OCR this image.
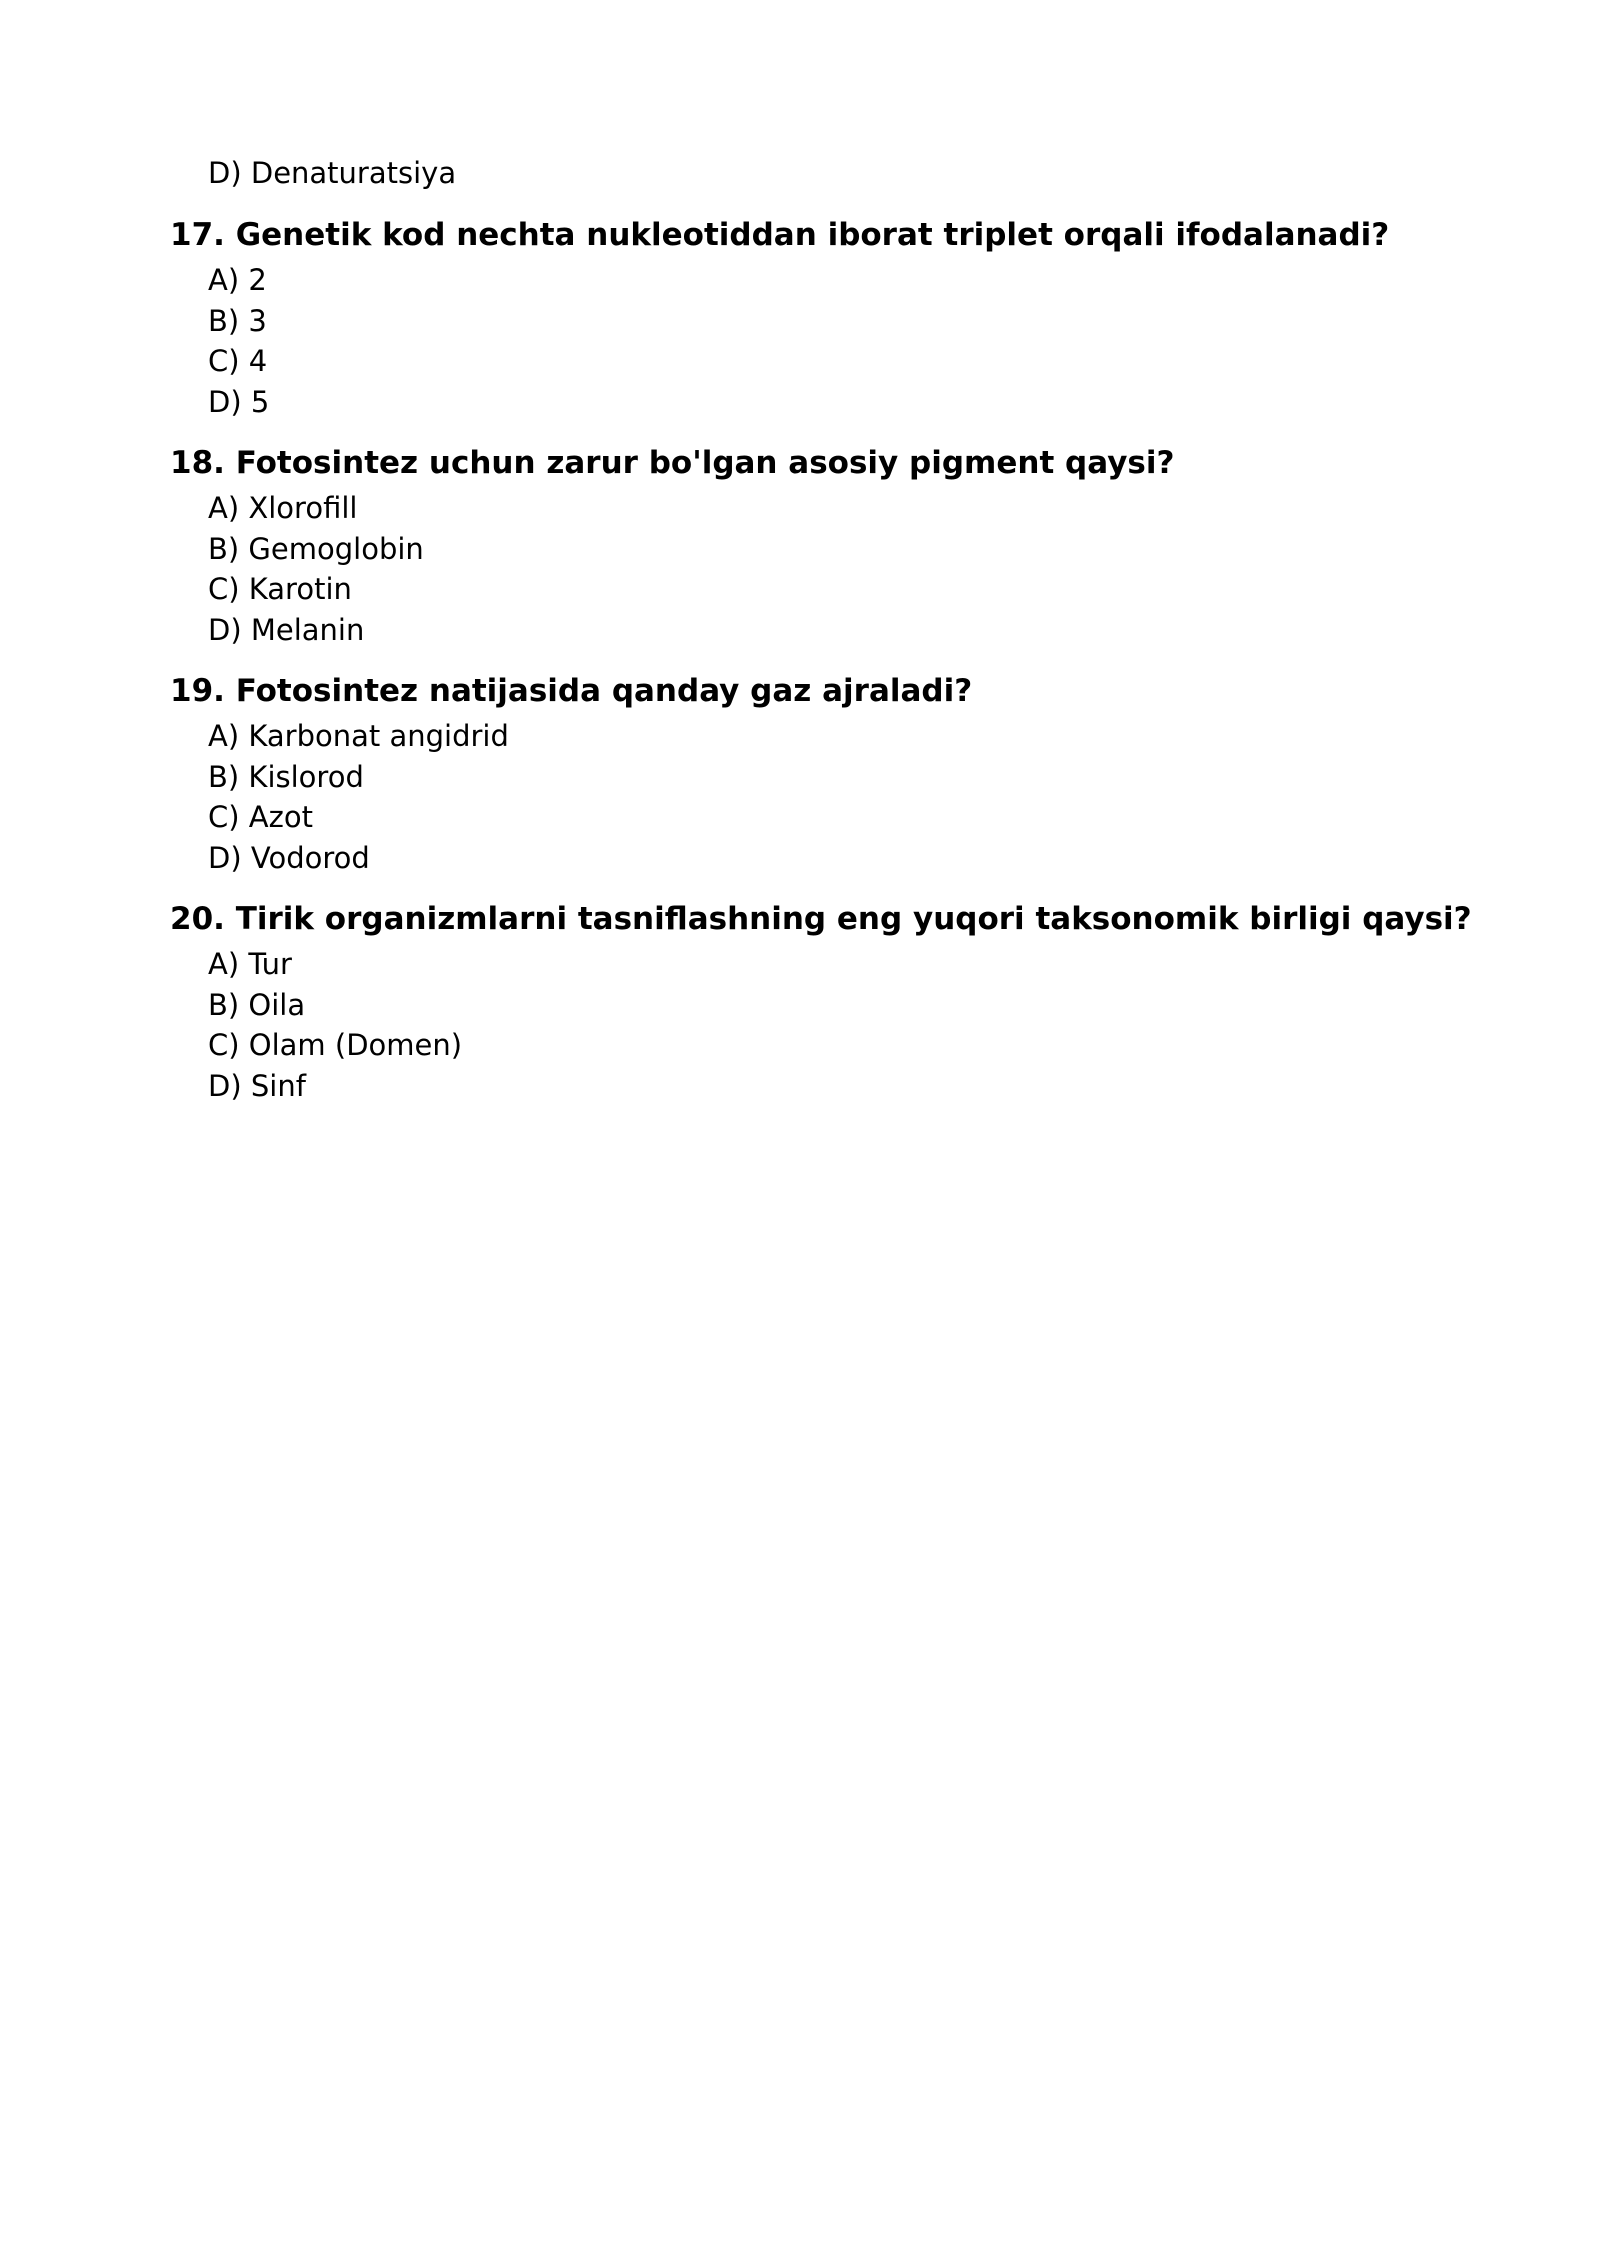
D) Denaturatsiya

17. Genetik kod nechta nukleotiddan iborat triplet orqali ifodalanadi?

A) 2
B) 3
C) 4
D) 5

18. Fotosintez uchun zarur bo'lgan asosiy pigment qaysi?

A) Xlorofill
B) Gemoglobin
C) Karotin
D) Melanin

19. Fotosintez natijasida qanday gaz ajraladi?

A) Karbonat angidrid
B) Kislorod
C) Azot
D) Vodorod

20. Tirik organizmlarni tasniflashning eng yuqori taksonomik birligi qaysi?

A) Tur
B) Oila
C) Olam (Domen)
D) Sinf
